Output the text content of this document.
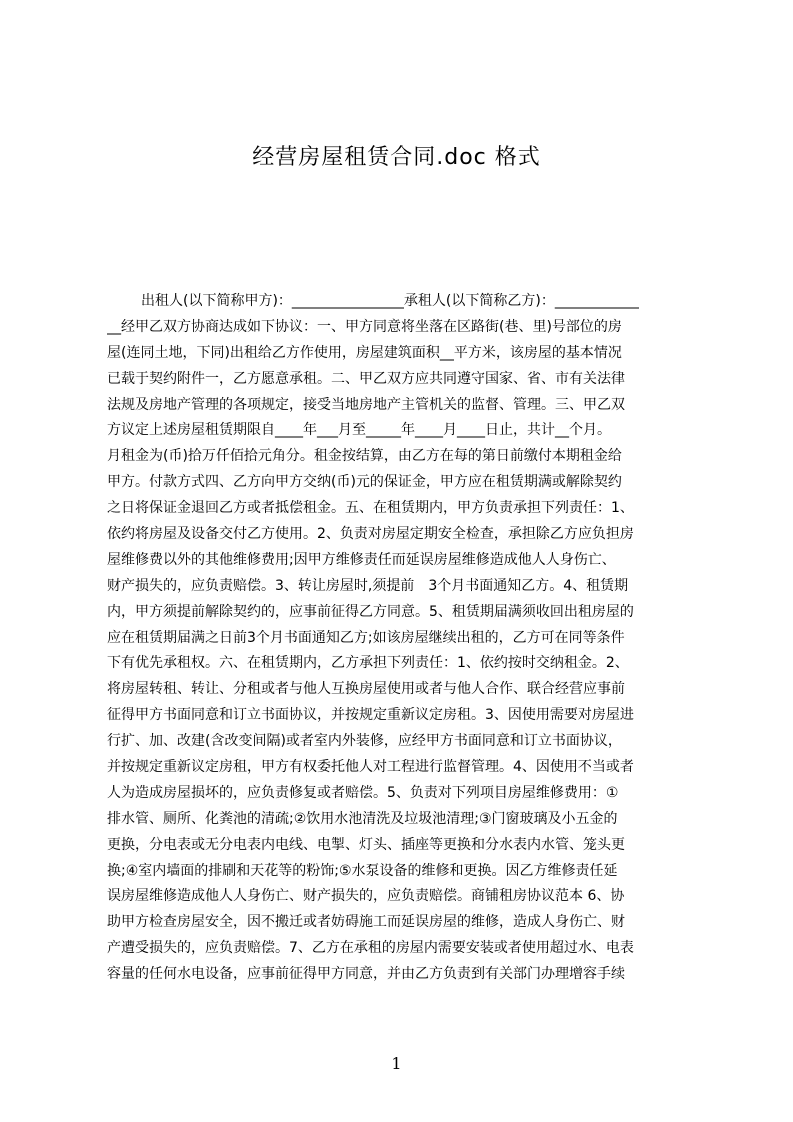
经营房屋租赁合同.doc 格式
出租人(以下简称甲方)：________________承租人(以下简称乙方)：____________
__经甲乙双方协商达成如下协议：一、甲方同意将坐落在区路街(巷、里)号部位的房
屋(连同土地，下同)出租给乙方作使用，房屋建筑面积__平方米，该房屋的基本情况
已载于契约附件一，乙方愿意承租。二、甲乙双方应共同遵守国家、省、市有关法律
法规及房地产管理的各项规定，接受当地房地产主管机关的监督、管理。三、甲乙双
方议定上述房屋租赁期限自____年___月至_____年____月____日止，共计__个月。
月租金为(币)拾万仟佰拾元角分。租金按结算，由乙方在每的第日前缴付本期租金给
甲方。付款方式四、乙方向甲方交纳(币)元的保证金，甲方应在租赁期满或解除契约
之日将保证金退回乙方或者抵偿租金。五、在租赁期内，甲方负责承担下列责任：1、
依约将房屋及设备交付乙方使用。2、负责对房屋定期安全检查，承担除乙方应负担房
屋维修费以外的其他维修费用;因甲方维修责任而延误房屋维修造成他人人身伤亡、
财产损失的，应负责赔偿。3、转让房屋时,须提前　3个月书面通知乙方。4、租赁期
内，甲方须提前解除契约的，应事前征得乙方同意。5、租赁期届满须收回出租房屋的
应在租赁期届满之日前3个月书面通知乙方;如该房屋继续出租的，乙方可在同等条件
下有优先承租权。六、在租赁期内，乙方承担下列责任：1、依约按时交纳租金。2、
将房屋转租、转让、分租或者与他人互换房屋使用或者与他人合作、联合经营应事前
征得甲方书面同意和订立书面协议，并按规定重新议定房租。3、因使用需要对房屋进
行扩、加、改建(含改变间隔)或者室内外装修，应经甲方书面同意和订立书面协议，
并按规定重新议定房租，甲方有权委托他人对工程进行监督管理。4、因使用不当或者
人为造成房屋损坏的，应负责修复或者赔偿。5、负责对下列项目房屋维修费用：①
排水管、厕所、化粪池的清疏;②饮用水池清洗及垃圾池清理;③门窗玻璃及小五金的
更换，分电表或无分电表内电线、电掣、灯头、插座等更换和分水表内水管、笼头更
换;④室内墙面的排刷和天花等的粉饰;⑤水泵设备的维修和更换。因乙方维修责任延
误房屋维修造成他人人身伤亡、财产损失的，应负责赔偿。商铺租房协议范本 6、协
助甲方检查房屋安全，因不搬迁或者妨碍施工而延误房屋的维修，造成人身伤亡、财
产遭受损失的，应负责赔偿。7、乙方在承租的房屋内需要安装或者使用超过水、电表
容量的任何水电设备，应事前征得甲方同意，并由乙方负责到有关部门办理增容手续
1
